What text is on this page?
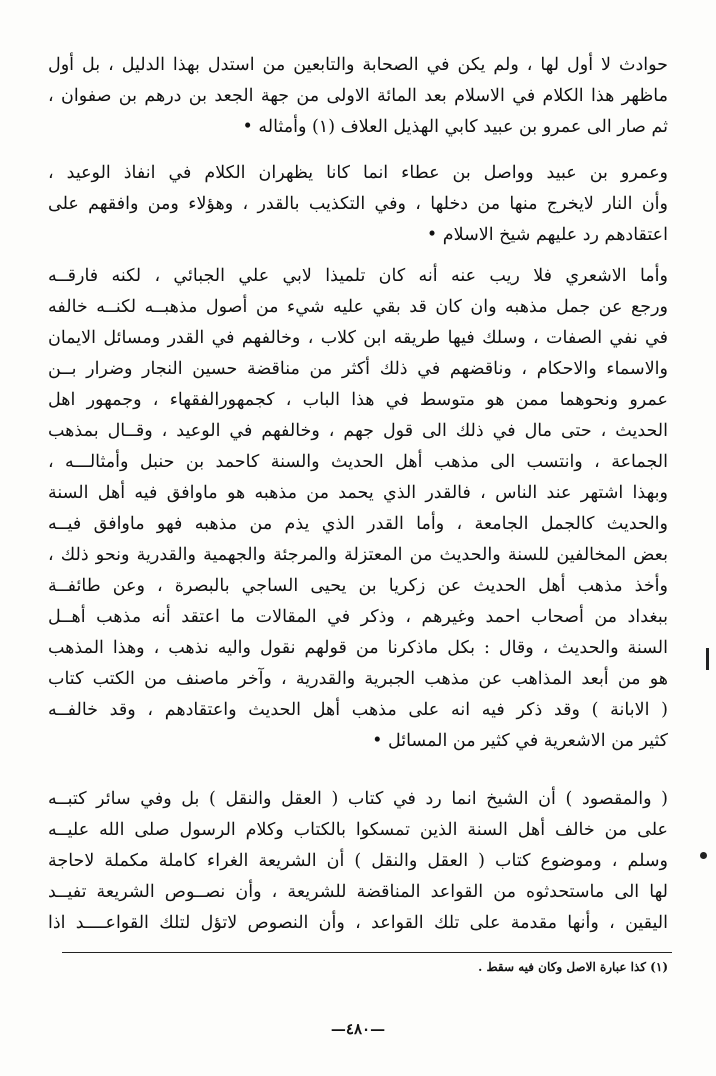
حوادث لا أول لها ، ولم يكن في الصحابة والتابعين من استدل بهذا الدليل ، بل أول
ماظهر هذا الكلام في الاسلام بعد المائة الاولى من جهة الجعد بن درهم بن صفوان ،
ثم صار الى عمرو بن عبيد كابي الهذيل العلاف (١) وأمثاله •
وعمرو بن عبيد وواصل بن عطاء انما كانا يظهران الكلام في انفاذ الوعيد ،
وأن النار لايخرج منها من دخلها ، وفي التكذيب بالقدر ، وهؤلاء ومن وافقهم على
اعتقادهم رد عليهم شيخ الاسلام •
وأما الاشعري فلا ريب عنه أنه كان تلميذا لابي علي الجبائي ، لكنه فارقــه
ورجع عن جمل مذهبه وان كان قد بقي عليه شيء من أصول مذهبــه لكنــه خالفه
في نفي الصفات ، وسلك فيها طريقه ابن كلاب ، وخالفهم في القدر ومسائل الايمان
والاسماء والاحكام ، وناقضهم في ذلك أكثر من مناقضة حسين النجار وضرار بــن
عمرو ونحوهما ممن هو متوسط في هذا الباب ، كجمهورالفقهاء ، وجمهور اهل
الحديث ، حتى مال في ذلك الى قول جهم ، وخالفهم في الوعيد ، وقــال بمذهب
الجماعة ، وانتسب الى مذهب أهل الحديث والسنة كاحمد بن حنبل وأمثالـــه ،
وبهذا اشتهر عند الناس ، فالقدر الذي يحمد من مذهبه هو ماوافق فيه أهل السنة
والحديث كالجمل الجامعة ، وأما القدر الذي يذم من مذهبه فهو ماوافق فيــه
بعض المخالفين للسنة والحديث من المعتزلة والمرجئة والجهمية والقدرية ونحو ذلك ،
وأخذ مذهب أهل الحديث عن زكريا بن يحيى الساجي بالبصرة ، وعن طائفــة
ببغداد من أصحاب احمد وغيرهم ، وذكر في المقالات ما اعتقد أنه مذهب أهــل
السنة والحديث ، وقال : بكل ماذكرنا من قولهم نقول واليه نذهب ، وهذا المذهب
هو من أبعد المذاهب عن مذهب الجبرية والقدرية ، وآخر ماصنف من الكتب كتاب
( الابانة ) وقد ذكر فيه انه على مذهب أهل الحديث واعتقادهم ، وقد خالفــه
كثير من الاشعرية في كثير من المسائل •
( والمقصود ) أن الشيخ انما رد في كتاب ( العقل والنقل ) بل وفي سائر كتبــه
على من خالف أهل السنة الذين تمسكوا بالكتاب وكلام الرسول صلى الله عليــه
وسلم ، وموضوع كتاب ( العقل والنقل ) أن الشريعة الغراء كاملة مكملة لاحاجة
لها الى ماستحدثوه من القواعد المناقضة للشريعة ، وأن نصــوص الشريعة تفيــد
اليقين ، وأنها مقدمة على تلك القواعد ، وأن النصوص لاتؤل لتلك القواعــــد اذا
(١) كذا عبارة الاصل وكان فيه سقط .
—٤٨٠—
